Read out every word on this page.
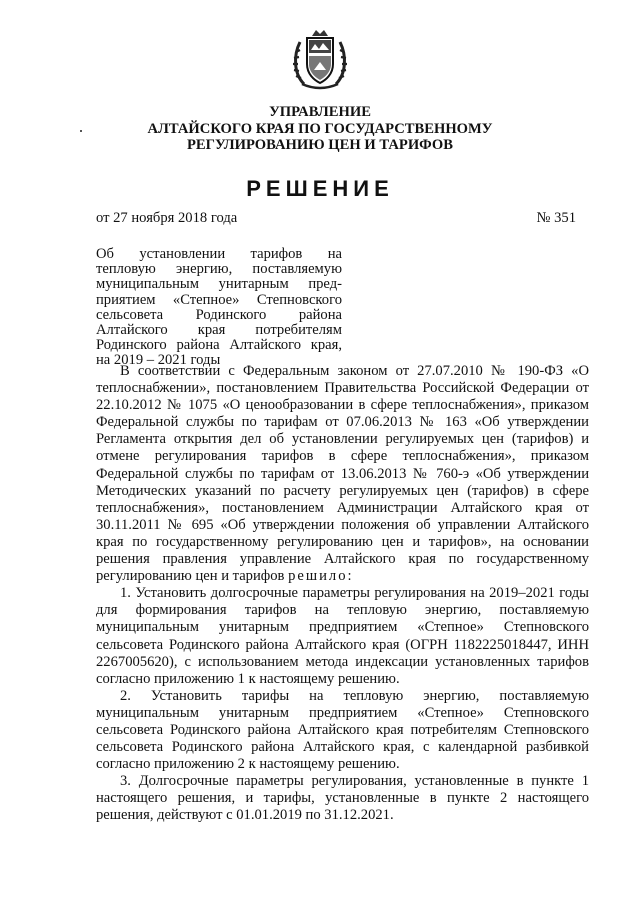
УПРАВЛЕНИЕ
АЛТАЙСКОГО КРАЯ ПО ГОСУДАРСТВЕННОМУ
РЕГУЛИРОВАНИЮ ЦЕН И ТАРИФОВ
РЕШЕНИЕ
от 27 ноября 2018 года	№ 351
Об установлении тарифов на
тепловую энергию, поставляемую
муниципальным унитарным пред-
приятием «Степное» Степновского
сельсовета Родинского района
Алтайского края потребителям
Родинского района Алтайского края,
на 2019 – 2021 годы

В соответствии с Федеральным законом от 27.07.2010 № 190-ФЗ «О теплоснабжении», постановлением Правительства Российской Федерации от 22.10.2012 № 1075 «О ценообразовании в сфере теплоснабжения», приказом Федеральной службы по тарифам от 07.06.2013 № 163 «Об утверждении Регламента открытия дел об установлении регулируемых цен (тарифов) и отмене регулирования тарифов в сфере теплоснабжения», приказом Федеральной службы по тарифам от 13.06.2013 № 760-э «Об утверждении Методических указаний по расчету регулируемых цен (тарифов) в сфере теплоснабжения», постановлением Администрации Алтайского края от 30.11.2011 № 695 «Об утверждении положения об управлении Алтайского края по государственному регулированию цен и тарифов», на основании решения правления управление Алтайского края по государственному регулированию цен и тарифов решило:

1. Установить долгосрочные параметры регулирования на 2019–2021 годы для формирования тарифов на тепловую энергию, поставляемую муниципальным унитарным предприятием «Степное» Степновского сельсовета Родинского района Алтайского края (ОГРН 1182225018447, ИНН 2267005620), с использованием метода индексации установленных тарифов согласно приложению 1 к настоящему решению.

2. Установить тарифы на тепловую энергию, поставляемую муниципальным унитарным предприятием «Степное» Степновского сельсовета Родинского района Алтайского края потребителям Степновского сельсовета Родинского района Алтайского края, с календарной разбивкой согласно приложению 2 к настоящему решению.

3. Долгосрочные параметры регулирования, установленные в пункте 1 настоящего решения, и тарифы, установленные в пункте 2 настоящего решения, действуют с 01.01.2019 по 31.12.2021.
